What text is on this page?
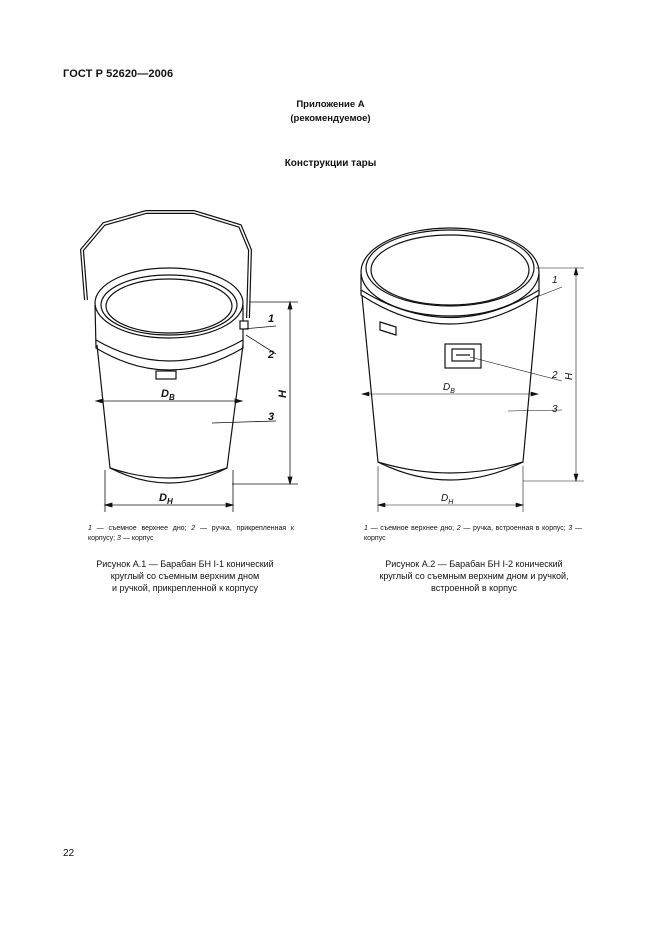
ГОСТ Р 52620—2006
Приложение А
(рекомендуемое)
Конструкции тары
1
2
3
$D_В$
$D_Н$
H
1
2
3
$D_В$
$D_Н$
H
1 — съемное верхнее дно; 2 — ручка, прикрепленная к корпусу; 3 — корпус
1 — съемное верхнее дно; 2 — ручка, встроенная в корпус; 3 — корпус
Рисунок А.1 — Барабан БН I-1 конический
круглый со съемным верхним дном
и ручкой, прикрепленной к корпусу
Рисунок А.2 — Барабан БН I-2 конический
круглый со съемным верхним дном и ручкой,
встроенной в корпус
22
